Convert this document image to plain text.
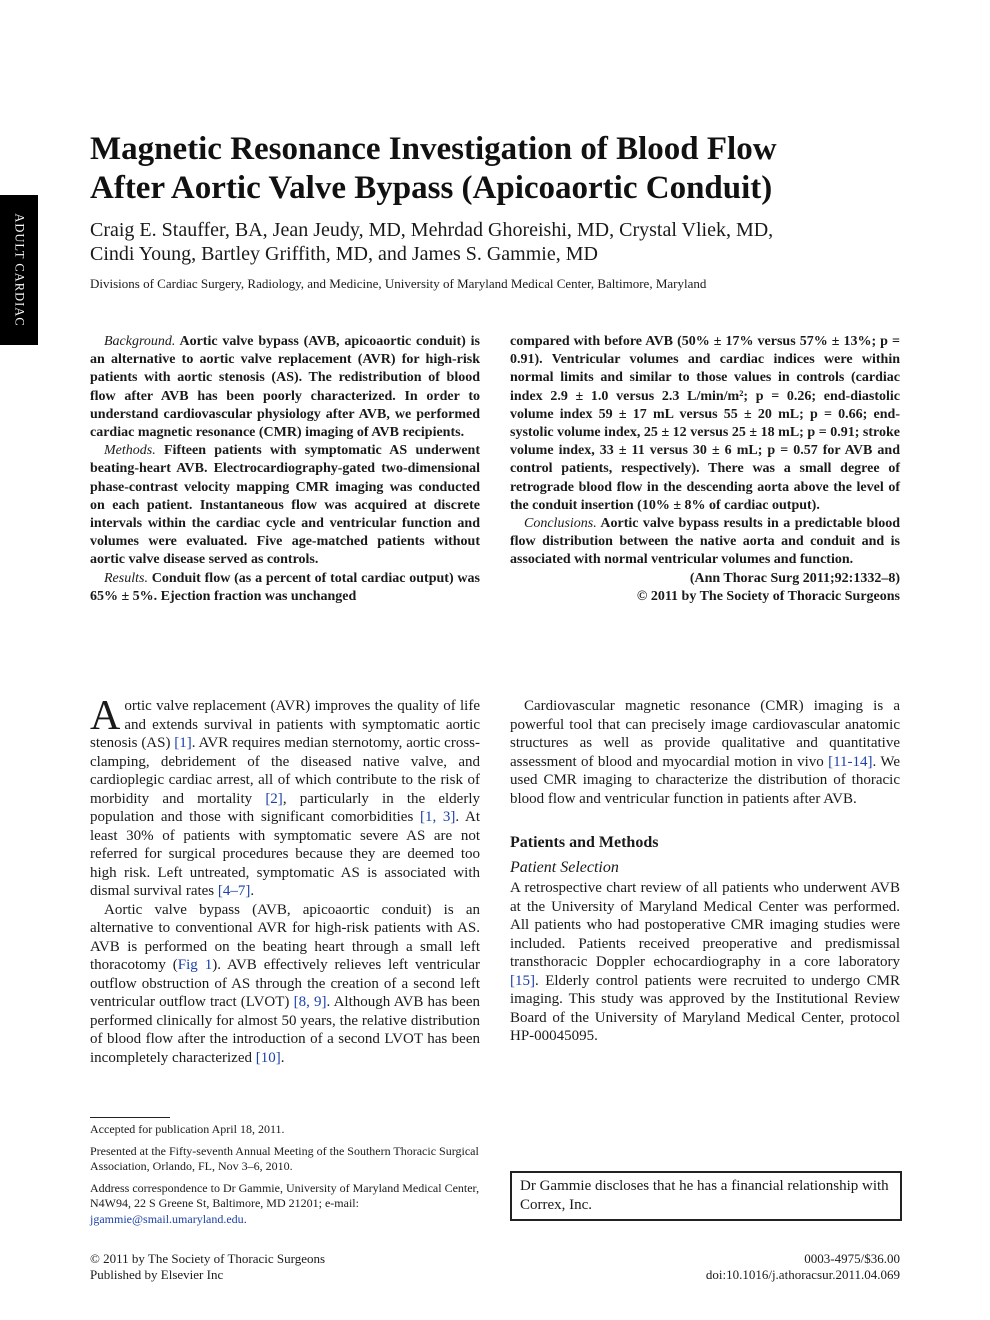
ADULT CARDIAC
Magnetic Resonance Investigation of Blood Flow
After Aortic Valve Bypass (Apicoaortic Conduit)
Craig E. Stauffer, BA, Jean Jeudy, MD, Mehrdad Ghoreishi, MD, Crystal Vliek, MD,
Cindi Young, Bartley Griffith, MD, and James S. Gammie, MD
Divisions of Cardiac Surgery, Radiology, and Medicine, University of Maryland Medical Center, Baltimore, Maryland

Background. Aortic valve bypass (AVB, apicoaortic conduit) is an alternative to aortic valve replacement (AVR) for high-risk patients with aortic stenosis (AS). The redistribution of blood flow after AVB has been poorly characterized. In order to understand cardiovascular physiology after AVB, we performed cardiac magnetic resonance (CMR) imaging of AVB recipients.

Methods. Fifteen patients with symptomatic AS underwent beating-heart AVB. Electrocardiography-gated two-dimensional phase-contrast velocity mapping CMR imaging was conducted on each patient. Instantaneous flow was acquired at discrete intervals within the cardiac cycle and ventricular function and volumes were evaluated. Five age-matched patients without aortic valve disease served as controls.

Results. Conduit flow (as a percent of total cardiac output) was 65% ± 5%. Ejection fraction was unchanged

compared with before AVB (50% ± 17% versus 57% ± 13%; p = 0.91). Ventricular volumes and cardiac indices were within normal limits and similar to those values in controls (cardiac index 2.9 ± 1.0 versus 2.3 L/min/m²; p = 0.26; end-diastolic volume index 59 ± 17 mL versus 55 ± 20 mL; p = 0.66; end-systolic volume index, 25 ± 12 versus 25 ± 18 mL; p = 0.91; stroke volume index, 33 ± 11 versus 30 ± 6 mL; p = 0.57 for AVB and control patients, respectively). There was a small degree of retrograde blood flow in the descending aorta above the level of the conduit insertion (10% ± 8% of cardiac output).

Conclusions. Aortic valve bypass results in a predictable blood flow distribution between the native aorta and conduit and is associated with normal ventricular volumes and function.

(Ann Thorac Surg 2011;92:1332–8)

© 2011 by The Society of Thoracic Surgeons

Aortic valve replacement (AVR) improves the quality of life and extends survival in patients with symptomatic aortic stenosis (AS) [1]. AVR requires median sternotomy, aortic cross-clamping, debridement of the diseased native valve, and cardioplegic cardiac arrest, all of which contribute to the risk of morbidity and mortality [2], particularly in the elderly population and those with significant comorbidities [1, 3]. At least 30% of patients with symptomatic severe AS are not referred for surgical procedures because they are deemed too high risk. Left untreated, symptomatic AS is associated with dismal survival rates [4–7].

Aortic valve bypass (AVB, apicoaortic conduit) is an alternative to conventional AVR for high-risk patients with AS. AVB is performed on the beating heart through a small left thoracotomy (Fig 1). AVB effectively relieves left ventricular outflow obstruction of AS through the creation of a second left ventricular outflow tract (LVOT) [8, 9]. Although AVB has been performed clinically for almost 50 years, the relative distribution of blood flow after the introduction of a second LVOT has been incompletely characterized [10].

Cardiovascular magnetic resonance (CMR) imaging is a powerful tool that can precisely image cardiovascular anatomic structures as well as provide qualitative and quantitative assessment of blood and myocardial motion in vivo [11-14]. We used CMR imaging to characterize the distribution of thoracic blood flow and ventricular function in patients after AVB.

Patients and Methods
Patient Selection

A retrospective chart review of all patients who underwent AVB at the University of Maryland Medical Center was performed. All patients who had postoperative CMR imaging studies were included. Patients received preoperative and predismissal transthoracic Doppler echocardiography in a core laboratory [15]. Elderly control patients were recruited to undergo CMR imaging. This study was approved by the Institutional Review Board of the University of Maryland Medical Center, protocol HP-00045095.

Accepted for publication April 18, 2011.

Presented at the Fifty-seventh Annual Meeting of the Southern Thoracic Surgical Association, Orlando, FL, Nov 3–6, 2010.

Address correspondence to Dr Gammie, University of Maryland Medical Center, N4W94, 22 S Greene St, Baltimore, MD 21201; e-mail: jgammie@smail.umaryland.edu.

Dr Gammie discloses that he has a financial relationship with Correx, Inc.
© 2011 by The Society of Thoracic Surgeons
Published by Elsevier Inc
0003-4975/$36.00
doi:10.1016/j.athoracsur.2011.04.069
